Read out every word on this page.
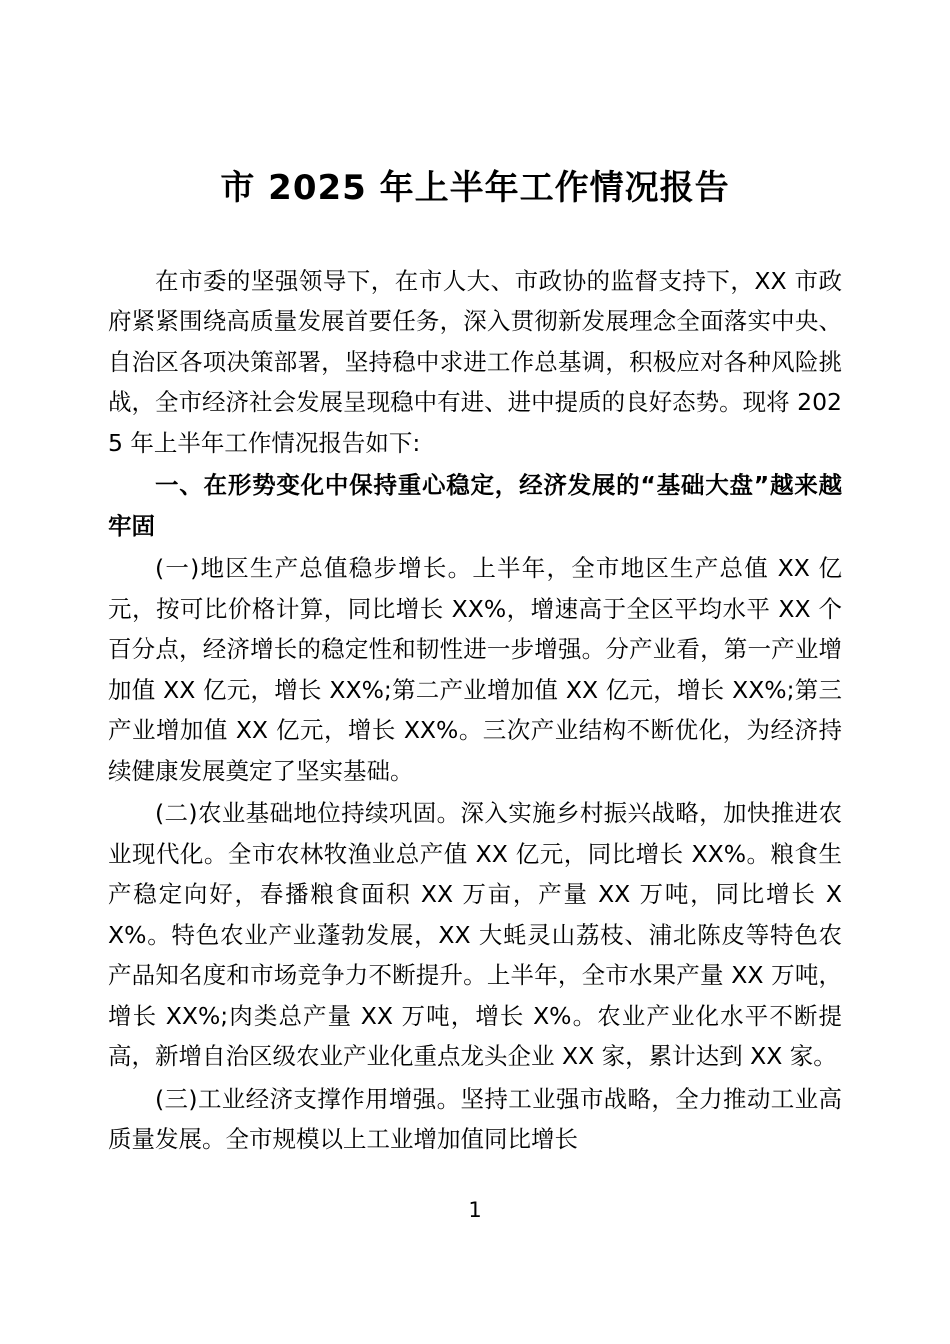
市 2025 年上半年工作情况报告

在市委的坚强领导下，在市人大、市政协的监督支持下，XX 市政府紧紧围绕高质量发展首要任务，深入贯彻新发展理念全面落实中央、自治区各项决策部署，坚持稳中求进工作总基调，积极应对各种风险挑战，全市经济社会发展呈现稳中有进、进中提质的良好态势。现将 2025 年上半年工作情况报告如下:

一、在形势变化中保持重心稳定，经济发展的“基础大盘”越来越牢固

(一)地区生产总值稳步增长。上半年，全市地区生产总值 XX 亿元，按可比价格计算，同比增长 XX%，增速高于全区平均水平 XX 个百分点，经济增长的稳定性和韧性进一步增强。分产业看，第一产业增加值 XX 亿元，增长 XX%;第二产业增加值 XX 亿元，增长 XX%;第三产业增加值 XX 亿元，增长 XX%。三次产业结构不断优化，为经济持续健康发展奠定了坚实基础。

(二)农业基础地位持续巩固。深入实施乡村振兴战略，加快推进农业现代化。全市农林牧渔业总产值 XX 亿元，同比增长 XX%。粮食生产稳定向好，春播粮食面积 XX 万亩，产量 XX 万吨，同比增长 XX%。特色农业产业蓬勃发展，XX 大蚝灵山荔枝、浦北陈皮等特色农产品知名度和市场竞争力不断提升。上半年，全市水果产量 XX 万吨，增长 XX%;肉类总产量 XX 万吨，增长 X%。农业产业化水平不断提高，新增自治区级农业产业化重点龙头企业 XX 家，累计达到 XX 家。

(三)工业经济支撑作用增强。坚持工业强市战略，全力推动工业高质量发展。全市规模以上工业增加值同比增长

1
